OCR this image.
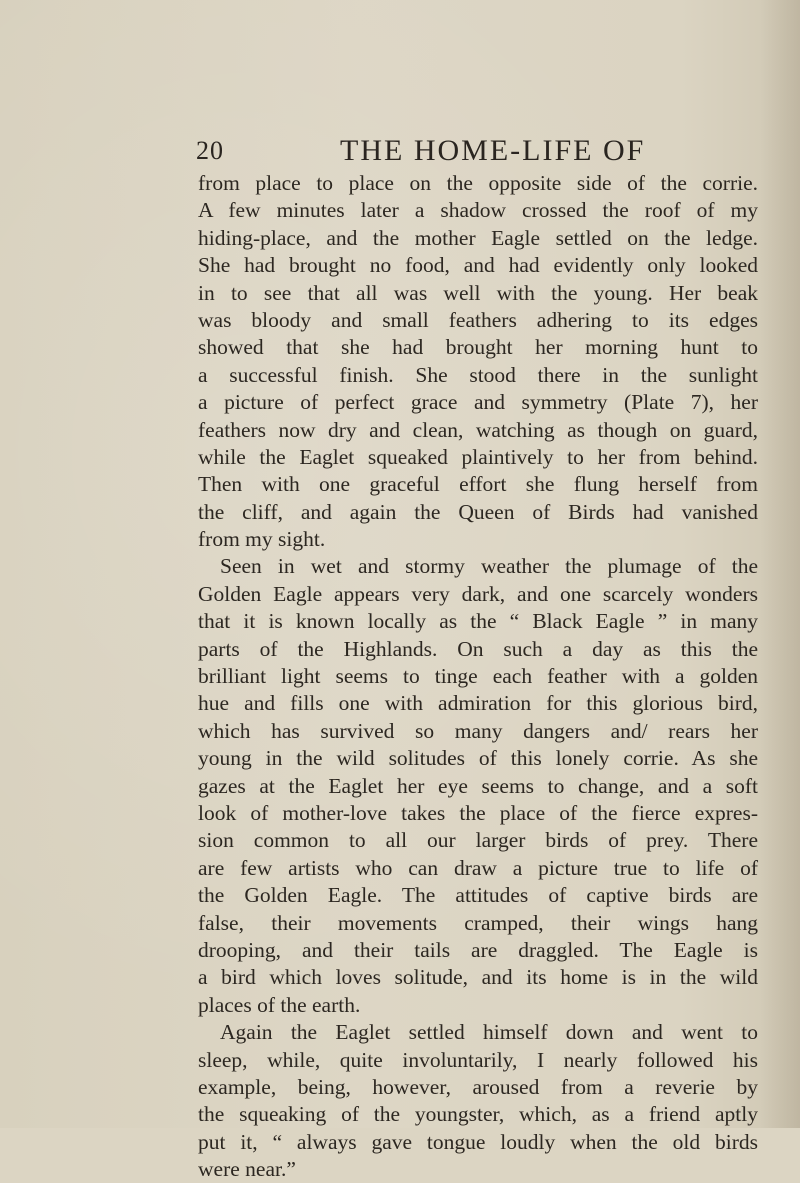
20	THE HOME-LIFE OF
from place to place on the opposite side of the corrie.
A few minutes later a shadow crossed the roof of my
hiding-place, and the mother Eagle settled on the ledge.
She had brought no food, and had evidently only looked
in to see that all was well with the young. Her beak
was bloody and small feathers adhering to its edges
showed that she had brought her morning hunt to
a successful finish. She stood there in the sunlight
a picture of perfect grace and symmetry (Plate 7), her
feathers now dry and clean, watching as though on guard,
while the Eaglet squeaked plaintively to her from behind.
Then with one graceful effort she flung herself from
the cliff, and again the Queen of Birds had vanished
from my sight.
Seen in wet and stormy weather the plumage of the
Golden Eagle appears very dark, and one scarcely wonders
that it is known locally as the “ Black Eagle ” in many
parts of the Highlands. On such a day as this the
brilliant light seems to tinge each feather with a golden
hue and fills one with admiration for this glorious bird,
which has survived so many dangers and/ rears her
young in the wild solitudes of this lonely corrie. As she
gazes at the Eaglet her eye seems to change, and a soft
look of mother-love takes the place of the fierce expres-
sion common to all our larger birds of prey. There
are few artists who can draw a picture true to life of
the Golden Eagle. The attitudes of captive birds are
false, their movements cramped, their wings hang
drooping, and their tails are draggled. The Eagle is
a bird which loves solitude, and its home is in the wild
places of the earth.
Again the Eaglet settled himself down and went to
sleep, while, quite involuntarily, I nearly followed his
example, being, however, aroused from a reverie by
the squeaking of the youngster, which, as a friend aptly
put it, “ always gave tongue loudly when the old birds
were near.”
